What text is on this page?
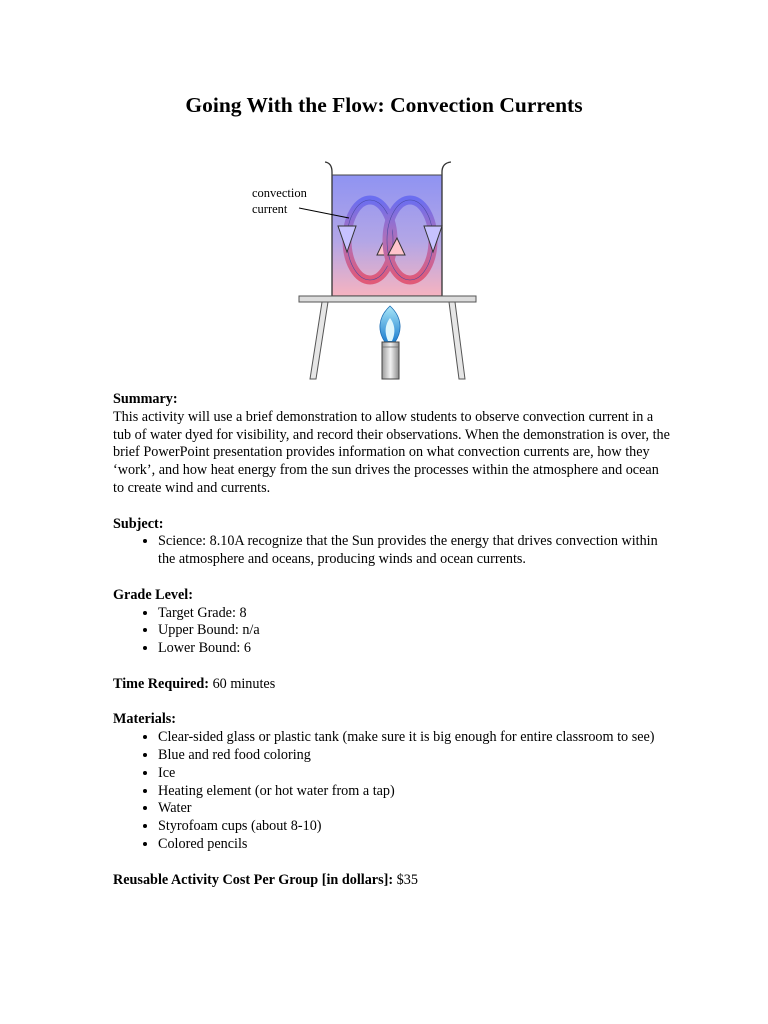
Going With the Flow: Convection Currents
convection
current
Summary:

This activity will use a brief demonstration to allow students to observe convection current in a tub of water dyed for visibility, and record their observations. When the demonstration is over, the brief PowerPoint presentation provides information on what convection currents are, how they ‘work’, and how heat energy from the sun drives the processes within the atmosphere and ocean to create wind and currents.

Subject:
• Science: 8.10A recognize that the Sun provides the energy that drives convection within the atmosphere and oceans, producing winds and ocean currents.
Grade Level:
• Target Grade: 8
• Upper Bound: n/a
• Lower Bound: 6
Time Required: 60 minutes
Materials:
• Clear-sided glass or plastic tank (make sure it is big enough for entire classroom to see)
• Blue and red food coloring
• Ice
• Heating element (or hot water from a tap)
• Water
• Styrofoam cups (about 8-10)
• Colored pencils
Reusable Activity Cost Per Group [in dollars]: $35
